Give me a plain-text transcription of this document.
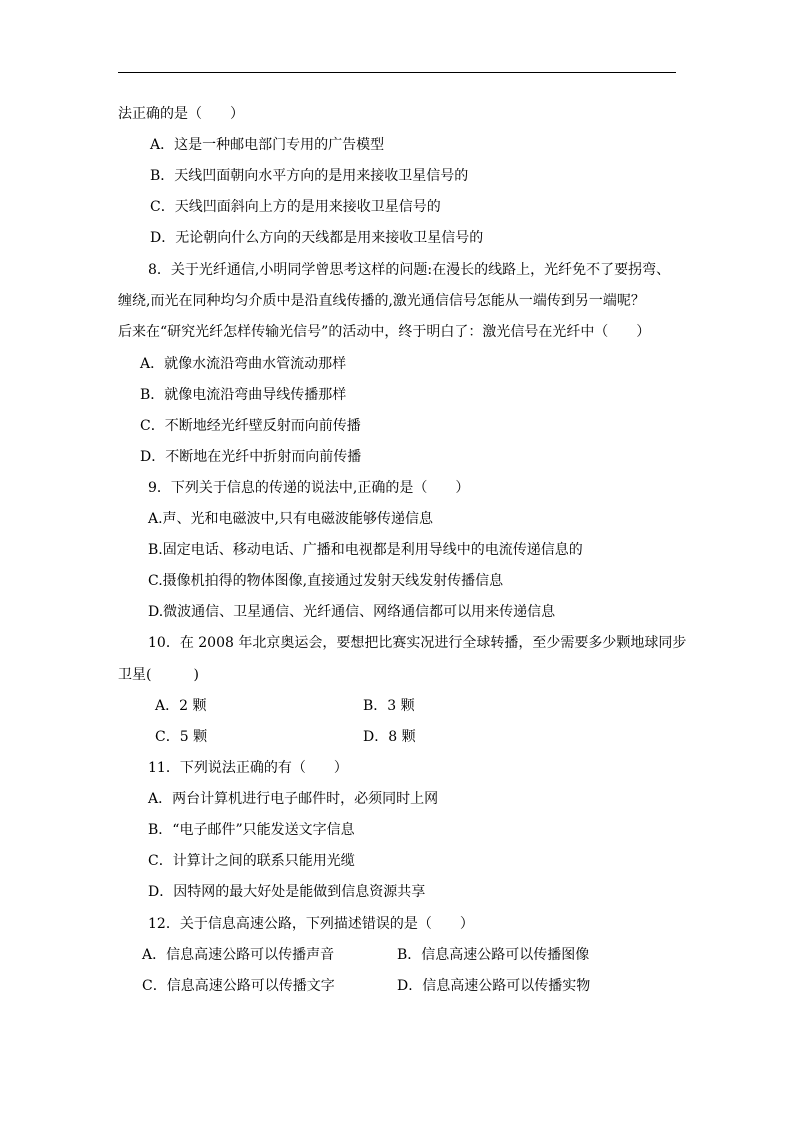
法正确的是（　　）
A．这是一种邮电部门专用的广告模型
B．天线凹面朝向水平方向的是用来接收卫星信号的
C．天线凹面斜向上方的是用来接收卫星信号的
D．无论朝向什么方向的天线都是用来接收卫星信号的
8．关于光纤通信,小明同学曾思考这样的问题:在漫长的线路上，光纤免不了要拐弯、
缠绕,而光在同种均匀介质中是沿直线传播的,激光通信信号怎能从一端传到另一端呢？
后来在“研究光纤怎样传输光信号”的活动中，终于明白了：激光信号在光纤中（　　）
A．就像水流沿弯曲水管流动那样
B．就像电流沿弯曲导线传播那样
C．不断地经光纤壁反射而向前传播
D．不断地在光纤中折射而向前传播
9．下列关于信息的传递的说法中,正确的是（　　）
A.声、光和电磁波中,只有电磁波能够传递信息
B.固定电话、移动电话、广播和电视都是利用导线中的电流传递信息的
C.摄像机拍得的物体图像,直接通过发射天线发射传播信息
D.微波通信、卫星通信、光纤通信、网络通信都可以用来传递信息
10．在 2008 年北京奥运会，要想把比赛实况进行全球转播，至少需要多少颗地球同步
卫星(　　　)
A．2 颗	B．3 颗
C．5 颗	D．8 颗
11．下列说法正确的有（　　）
A．两台计算机进行电子邮件时，必须同时上网
B．“电子邮件”只能发送文字信息
C．计算计之间的联系只能用光缆
D．因特网的最大好处是能做到信息资源共享
12．关于信息高速公路，下列描述错误的是（　　）
A．信息高速公路可以传播声音	B．信息高速公路可以传播图像
C．信息高速公路可以传播文字	D．信息高速公路可以传播实物
